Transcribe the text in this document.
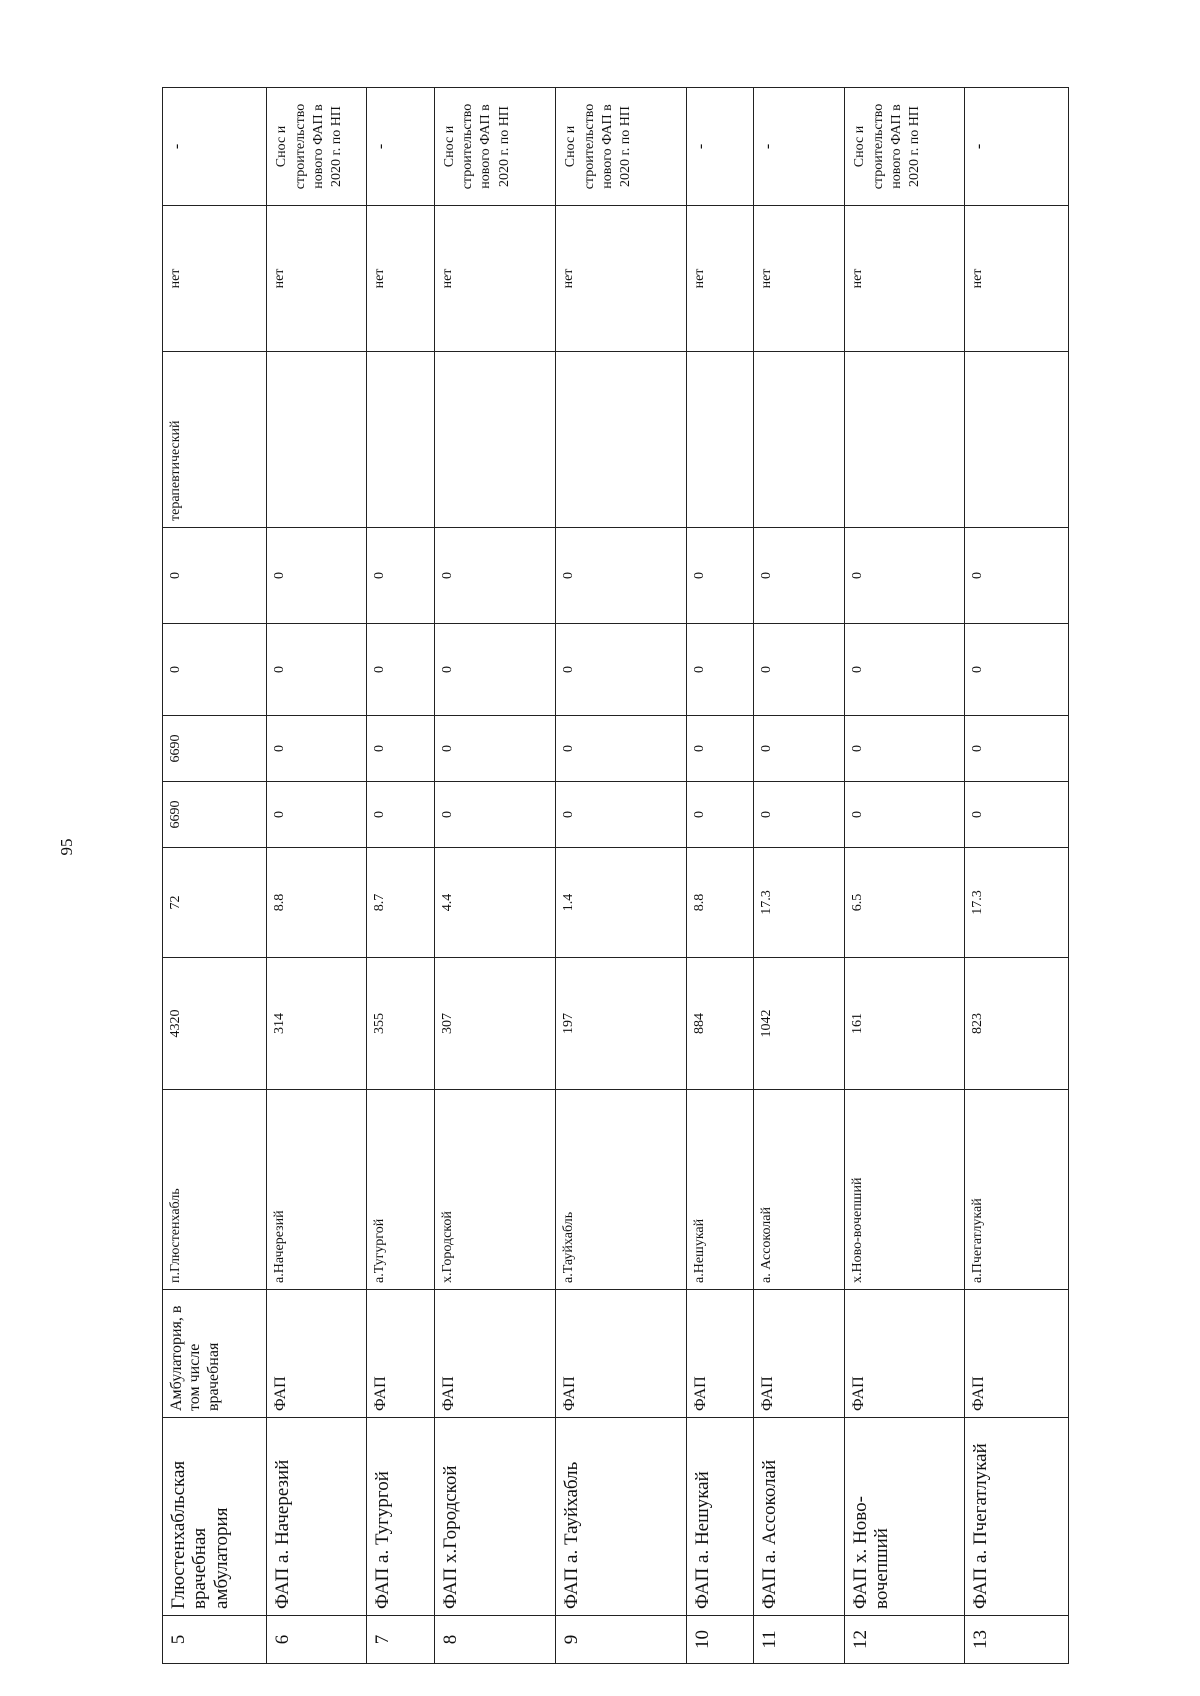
95
5	Глюстенхабльская врачебная амбулатория	Амбулатория, в том числе врачебная	п.Глюстенхабль	4320	72	6690	6690	0	0	терапевтический	нет	-
6	ФАП а. Начерезий	ФАП	а.Начерезий	314	8.8	0	0	0	0		нет	Снос и строительство нового ФАП в 2020 г. по НП
7	ФАП а. Тугургой	ФАП	а.Тугургой	355	8.7	0	0	0	0		нет	-
8	ФАП х.Городской	ФАП	х.Городской	307	4.4	0	0	0	0		нет	Снос и строительство нового ФАП в 2020 г. по НП
9	ФАП а. Тауйхабль	ФАП	а.Тауйхабль	197	1.4	0	0	0	0		нет	Снос и строительство нового ФАП в 2020 г. по НП
10	ФАП а. Нешукай	ФАП	а.Нешукай	884	8.8	0	0	0	0		нет	-
11	ФАП а. Ассоколай	ФАП	а. Ассоколай	1042	17.3	0	0	0	0		нет	-
12	ФАП х. Ново-вочепший	ФАП	х.Ново-вочепший	161	6.5	0	0	0	0		нет	Снос и строительство нового ФАП в 2020 г. по НП
13	ФАП а. Пчегатлукай	ФАП	а.Пчегатлукай	823	17.3	0	0	0	0		нет	-
